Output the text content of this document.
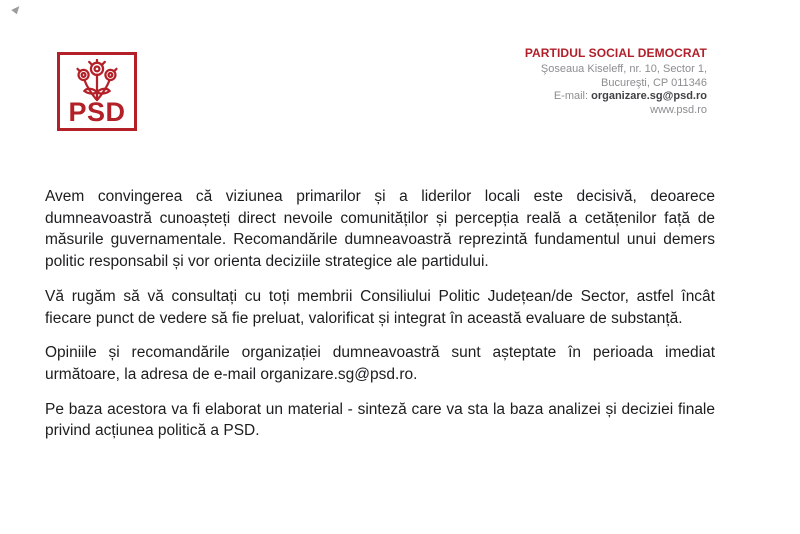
PSD
PARTIDUL SOCIAL DEMOCRAT
Şoseaua Kiseleff, nr. 10, Sector 1,
Bucureşti, CP 011346
E-mail: organizare.sg@psd.ro
www.psd.ro

Avem convingerea că viziunea primarilor și a liderilor locali este decisivă, deoarece dumneavoastră cunoașteți direct nevoile comunităților și percepția reală a cetățenilor față de măsurile guvernamentale. Recomandările dumneavoastră reprezintă fundamentul unui demers politic responsabil și vor orienta deciziile strategice ale partidului.

Vă rugăm să vă consultați cu toți membrii Consiliului Politic Județean/de Sector, astfel încât fiecare punct de vedere să fie preluat, valorificat și integrat în această evaluare de substanță.

Opiniile și recomandările organizației dumneavoastră sunt așteptate în perioada imediat următoare, la adresa de e-mail organizare.sg@psd.ro.

Pe baza acestora va fi elaborat un material - sinteză care va sta la baza analizei și deciziei finale privind acțiunea politică a PSD.
